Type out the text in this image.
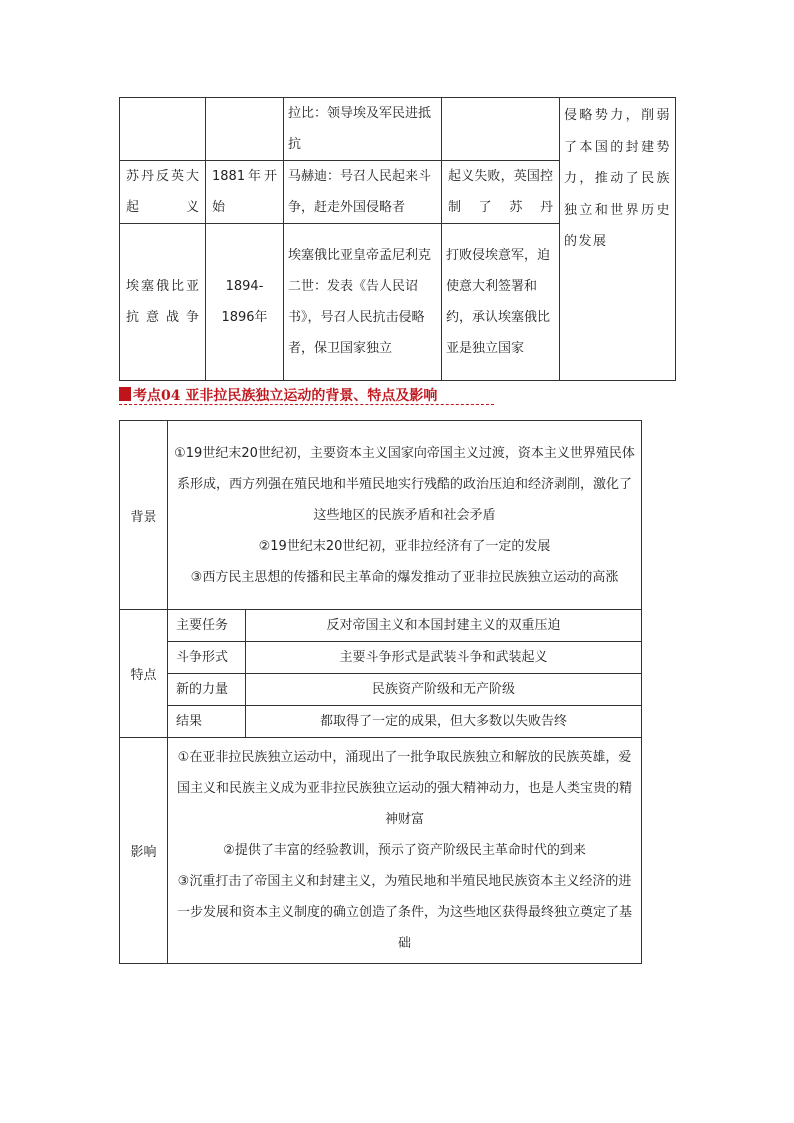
		拉比：领导埃及军民进抵抗		侵略势力，削弱了本国的封建势力，推动了民族独立和世界历史的发展
苏丹反英大起义	1881年开始	马赫迪：号召人民起来斗争，赶走外国侵略者	起义失败，英国控制了苏丹	
埃塞俄比亚抗意战争	1894-1896年	埃塞俄比亚皇帝孟尼利克二世：发表《告人民诏书》，号召人民抗击侵略者，保卫国家独立	打败侵埃意军，迫使意大利签署和约，承认埃塞俄比亚是独立国家	
考点04 亚非拉民族独立运动的背景、特点及影响
背景	①19世纪末20世纪初，主要资本主义国家向帝国主义过渡，资本主义世界殖民体系形成，西方列强在殖民地和半殖民地实行残酷的政治压迫和经济剥削，激化了这些地区的民族矛盾和社会矛盾
②19世纪末20世纪初，亚非拉经济有了一定的发展
③西方民主思想的传播和民主革命的爆发推动了亚非拉民族独立运动的高涨	

特点	主要任务	反对帝国主义和本国封建主义的双重压迫
	斗争形式	主要斗争形式是武装斗争和武装起义
	新的力量	民族资产阶级和无产阶级
	结果	都取得了一定的成果，但大多数以失败告终
影响	①在亚非拉民族独立运动中，涌现出了一批争取民族独立和解放的民族英雄，爱国主义和民族主义成为亚非拉民族独立运动的强大精神动力，也是人类宝贵的精神财富
②提供了丰富的经验教训，预示了资产阶级民主革命时代的到来
③沉重打击了帝国主义和封建主义，为殖民地和半殖民地民族资本主义经济的进一步发展和资本主义制度的确立创造了条件，为这些地区获得最终独立奠定了基础	
